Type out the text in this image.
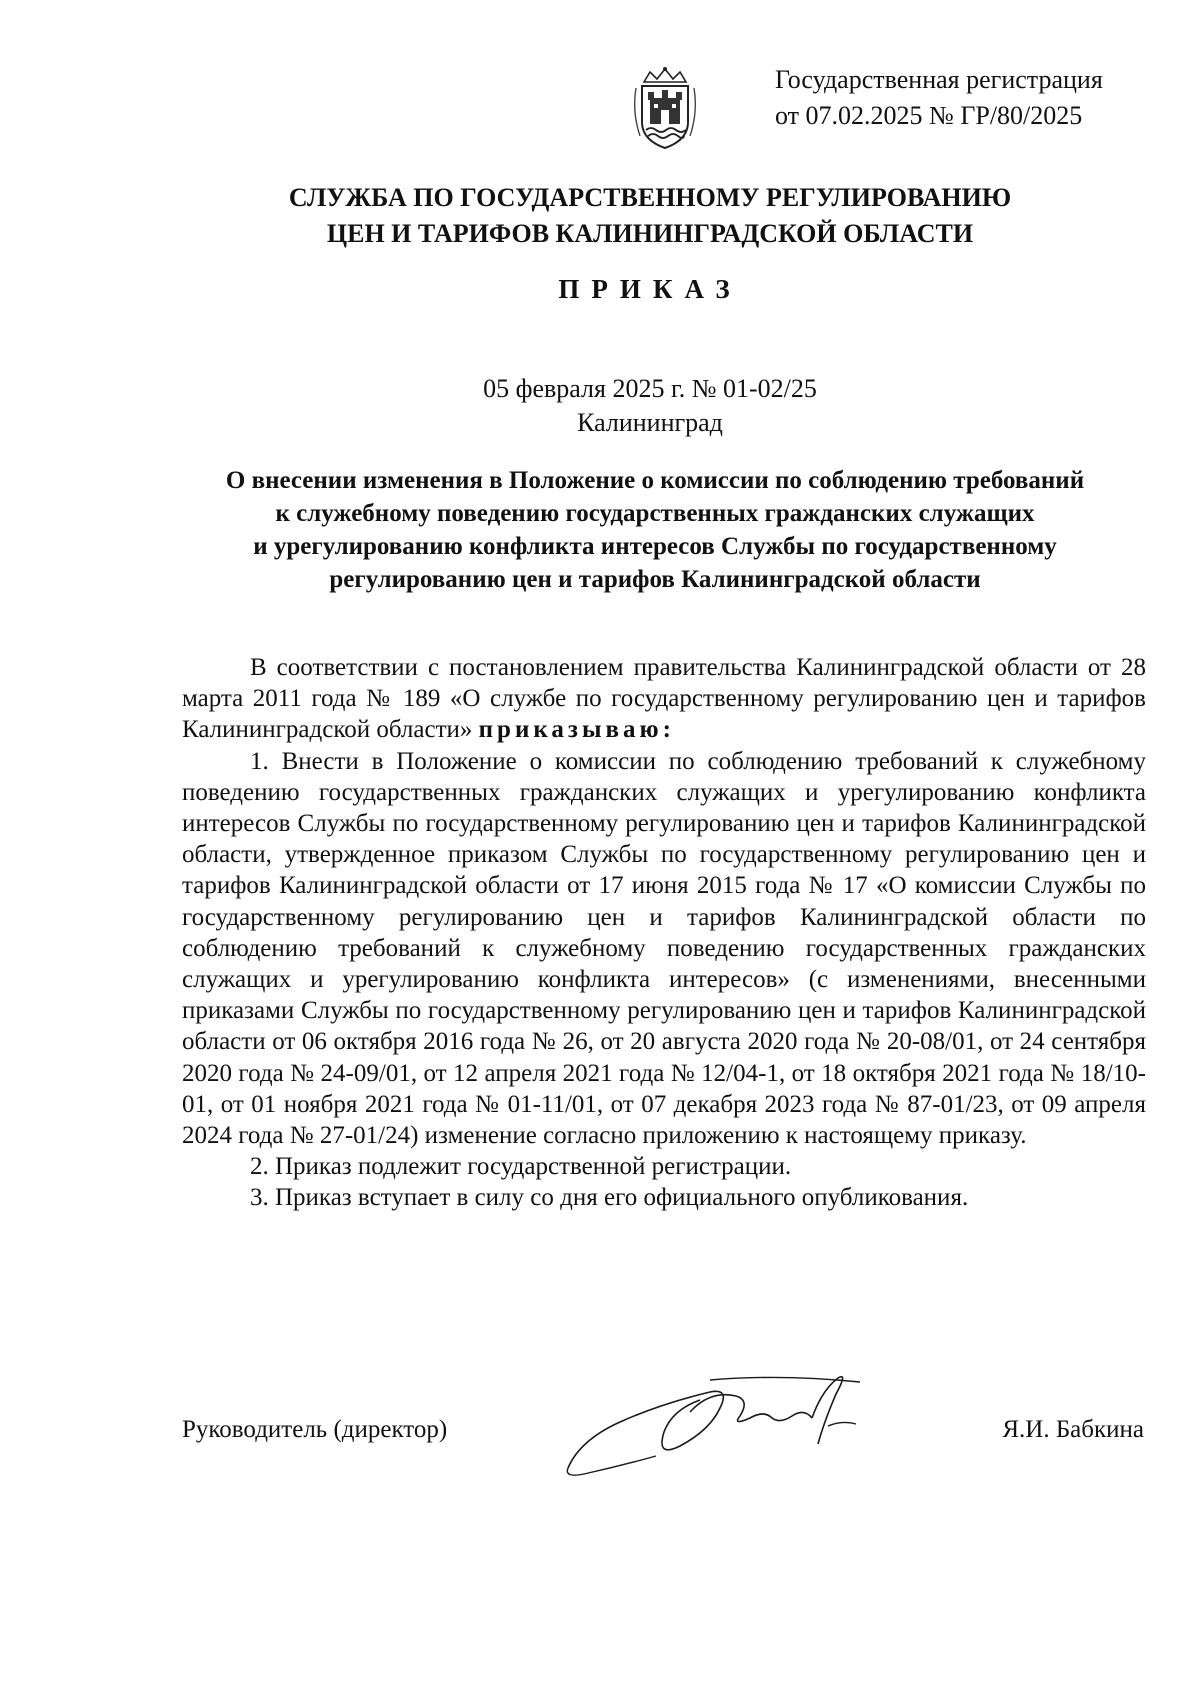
Государственная регистрация
от 07.02.2025 № ГР/80/2025
СЛУЖБА ПО ГОСУДАРСТВЕННОМУ РЕГУЛИРОВАНИЮ
ЦЕН И ТАРИФОВ КАЛИНИНГРАДСКОЙ ОБЛАСТИ
ПРИКАЗ
05 февраля 2025 г. № 01-02/25
Калининград
О внесении изменения в Положение о комиссии по соблюдению требований
к служебному поведению государственных гражданских служащих
и урегулированию конфликта интересов Службы по государственному
регулированию цен и тарифов Калининградской области

В соответствии с постановлением правительства Калининградской области от 28 марта 2011 года № 189 «О службе по государственному регулированию цен и тарифов Калининградской области» приказываю:

1. Внести в Положение о комиссии по соблюдению требований к служебному поведению государственных гражданских служащих и урегулированию конфликта интересов Службы по государственному регулированию цен и тарифов Калининградской области, утвержденное приказом Службы по государственному регулированию цен и тарифов Калининградской области от 17 июня 2015 года № 17 «О комиссии Службы по государственному регулированию цен и тарифов Калининградской области по соблюдению требований к служебному поведению государственных гражданских служащих и урегулированию конфликта интересов» (с изменениями, внесенными приказами Службы по государственному регулированию цен и тарифов Калининградской области от 06 октября 2016 года № 26, от 20 августа 2020 года № 20-08/01, от 24 сентября 2020 года № 24-09/01, от 12 апреля 2021 года № 12/04-1, от 18 октября 2021 года № 18/10-01, от 01 ноября 2021 года № 01-11/01, от 07 декабря 2023 года № 87-01/23, от 09 апреля 2024 года № 27-01/24) изменение согласно приложению к настоящему приказу.

2. Приказ подлежит государственной регистрации.

3. Приказ вступает в силу со дня его официального опубликования.

Руководитель (директор)	Я.И. Бабкина
